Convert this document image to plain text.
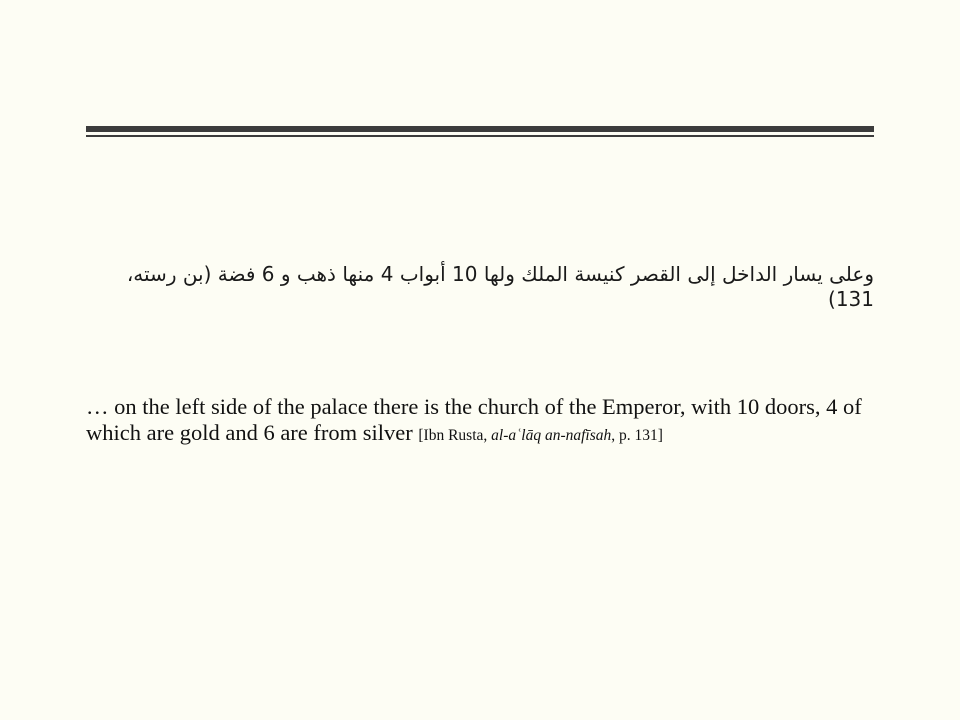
وعلى يسار الداخل إلى القصر كنيسة الملك ولها 10 أبواب 4 منها ذهب و 6 فضة (بن رسته، 131)
… on the left side of the palace there is the church of the Emperor, with 10 doors, 4 of which are gold and 6 are from silver [Ibn Rusta, al-aʿlāq an-nafīsah, p. 131]
